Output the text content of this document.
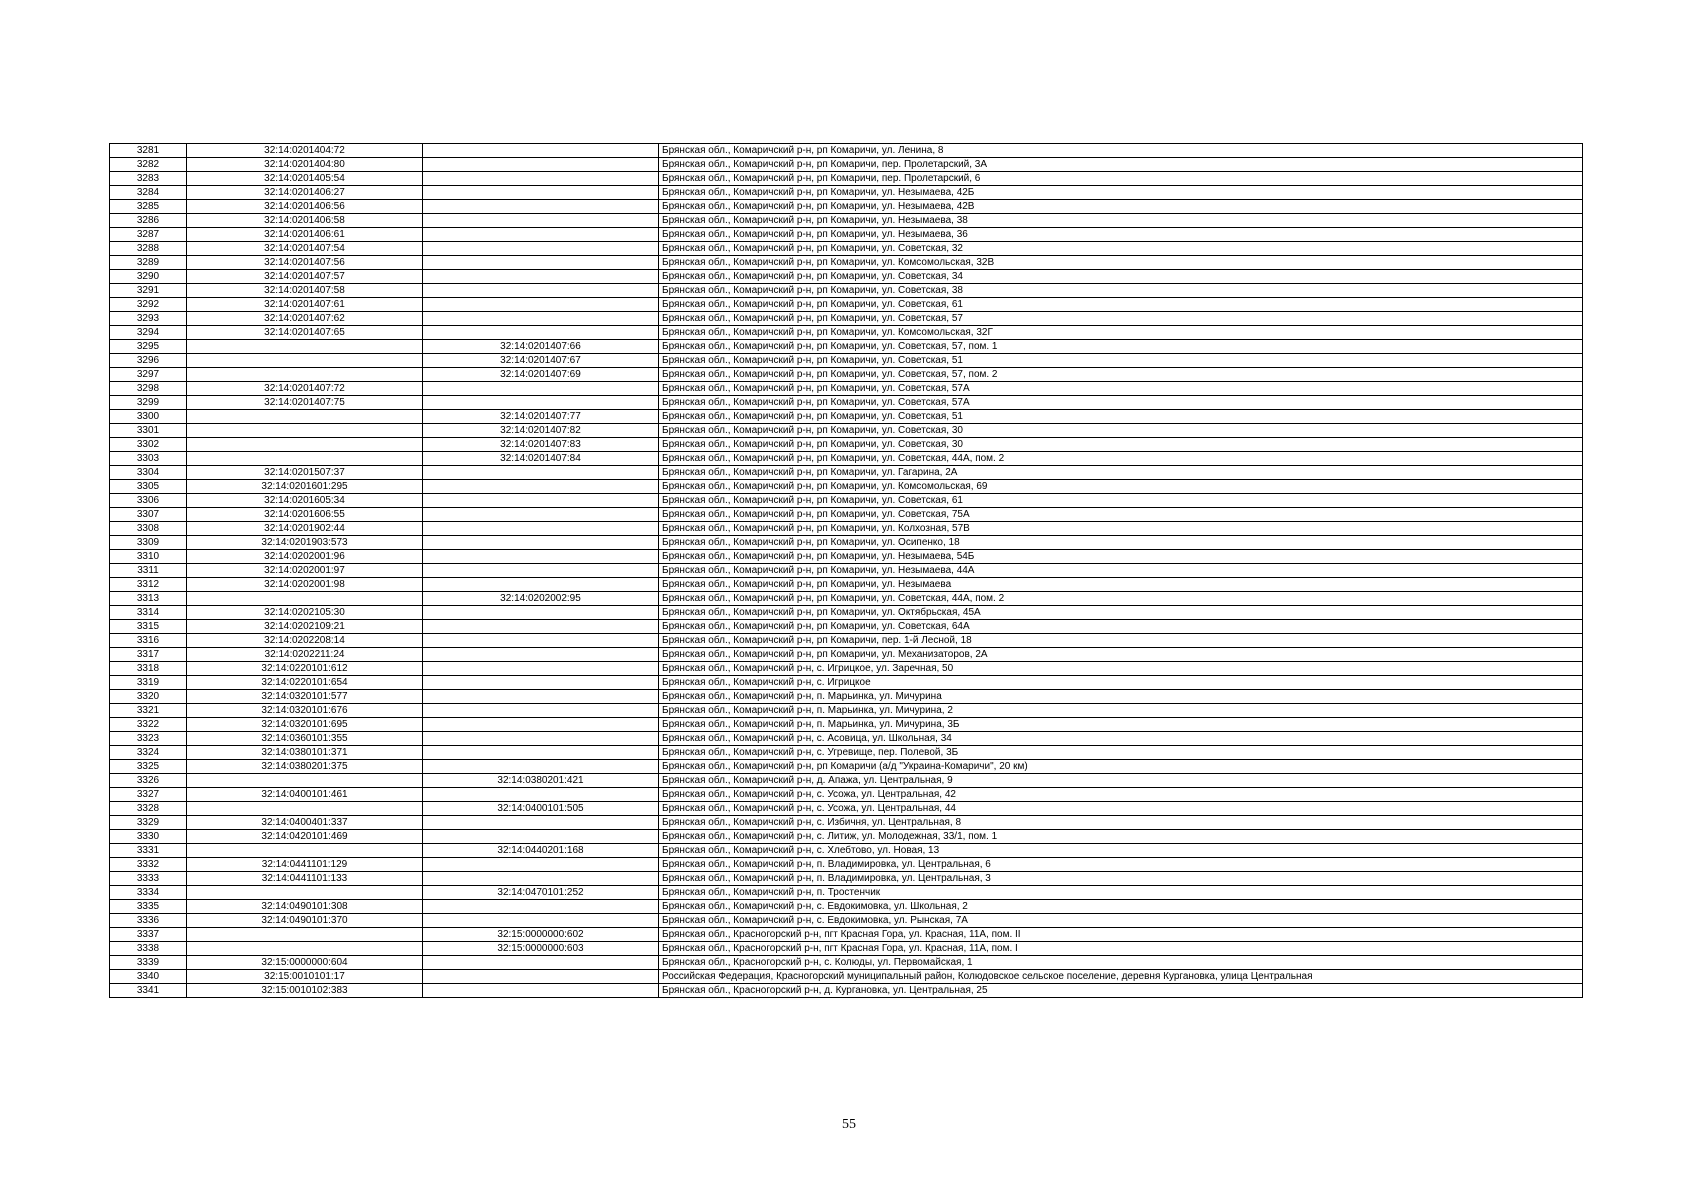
3281	32:14:0201404:72		Брянская обл., Комаричский р-н, рп Комаричи, ул. Ленина, 8
3282	32:14:0201404:80		Брянская обл., Комаричский р-н, рп Комаричи, пер. Пролетарский, 3А
3283	32:14:0201405:54		Брянская обл., Комаричский р-н, рп Комаричи, пер. Пролетарский, 6
3284	32:14:0201406:27		Брянская обл., Комаричский р-н, рп Комаричи, ул. Незымаева, 42Б
3285	32:14:0201406:56		Брянская обл., Комаричский р-н, рп Комаричи, ул. Незымаева, 42В
3286	32:14:0201406:58		Брянская обл., Комаричский р-н, рп Комаричи, ул. Незымаева, 38
3287	32:14:0201406:61		Брянская обл., Комаричский р-н, рп Комаричи, ул. Незымаева, 36
3288	32:14:0201407:54		Брянская обл., Комаричский р-н, рп Комаричи, ул. Советская, 32
3289	32:14:0201407:56		Брянская обл., Комаричский р-н, рп Комаричи, ул. Комсомольская, 32В
3290	32:14:0201407:57		Брянская обл., Комаричский р-н, рп Комаричи, ул. Советская, 34
3291	32:14:0201407:58		Брянская обл., Комаричский р-н, рп Комаричи, ул. Советская, 38
3292	32:14:0201407:61		Брянская обл., Комаричский р-н, рп Комаричи, ул. Советская, 61
3293	32:14:0201407:62		Брянская обл., Комаричский р-н, рп Комаричи, ул. Советская, 57
3294	32:14:0201407:65		Брянская обл., Комаричский р-н, рп Комаричи, ул. Комсомольская, 32Г
3295		32:14:0201407:66	Брянская обл., Комаричский р-н, рп Комаричи, ул. Советская, 57, пом. 1
3296		32:14:0201407:67	Брянская обл., Комаричский р-н, рп Комаричи, ул. Советская, 51
3297		32:14:0201407:69	Брянская обл., Комаричский р-н, рп Комаричи, ул. Советская, 57, пом. 2
3298	32:14:0201407:72		Брянская обл., Комаричский р-н, рп Комаричи, ул. Советская, 57А
3299	32:14:0201407:75		Брянская обл., Комаричский р-н, рп Комаричи, ул. Советская, 57А
3300		32:14:0201407:77	Брянская обл., Комаричский р-н, рп Комаричи, ул. Советская, 51
3301		32:14:0201407:82	Брянская обл., Комаричский р-н, рп Комаричи, ул. Советская, 30
3302		32:14:0201407:83	Брянская обл., Комаричский р-н, рп Комаричи, ул. Советская, 30
3303		32:14:0201407:84	Брянская обл., Комаричский р-н, рп Комаричи, ул. Советская, 44А, пом. 2
3304	32:14:0201507:37		Брянская обл., Комаричский р-н, рп Комаричи, ул. Гагарина, 2А
3305	32:14:0201601:295		Брянская обл., Комаричский р-н, рп Комаричи, ул. Комсомольская, 69
3306	32:14:0201605:34		Брянская обл., Комаричский р-н, рп Комаричи, ул. Советская, 61
3307	32:14:0201606:55		Брянская обл., Комаричский р-н, рп Комаричи, ул. Советская, 75А
3308	32:14:0201902:44		Брянская обл., Комаричский р-н, рп Комаричи, ул. Колхозная, 57В
3309	32:14:0201903:573		Брянская обл., Комаричский р-н, рп Комаричи, ул. Осипенко, 18
3310	32:14:0202001:96		Брянская обл., Комаричский р-н, рп Комаричи, ул. Незымаева, 54Б
3311	32:14:0202001:97		Брянская обл., Комаричский р-н, рп Комаричи, ул. Незымаева, 44А
3312	32:14:0202001:98		Брянская обл., Комаричский р-н, рп Комаричи, ул. Незымаева
3313		32:14:0202002:95	Брянская обл., Комаричский р-н, рп Комаричи, ул. Советская, 44А, пом. 2
3314	32:14:0202105:30		Брянская обл., Комаричский р-н, рп Комаричи, ул. Октябрьская, 45А
3315	32:14:0202109:21		Брянская обл., Комаричский р-н, рп Комаричи, ул. Советская, 64А
3316	32:14:0202208:14		Брянская обл., Комаричский р-н, рп Комаричи, пер. 1-й Лесной, 18
3317	32:14:0202211:24		Брянская обл., Комаричский р-н, рп Комаричи, ул. Механизаторов, 2А
3318	32:14:0220101:612		Брянская обл., Комаричский р-н, с. Игрицкое, ул. Заречная, 50
3319	32:14:0220101:654		Брянская обл., Комаричский р-н, с. Игрицкое
3320	32:14:0320101:577		Брянская обл., Комаричский р-н, п. Марьинка, ул. Мичурина
3321	32:14:0320101:676		Брянская обл., Комаричский р-н, п. Марьинка, ул. Мичурина, 2
3322	32:14:0320101:695		Брянская обл., Комаричский р-н, п. Марьинка, ул. Мичурина, 3Б
3323	32:14:0360101:355		Брянская обл., Комаричский р-н, с. Асовица, ул. Школьная, 34
3324	32:14:0380101:371		Брянская обл., Комаричский р-н, с. Угревище, пер. Полевой, 3Б
3325	32:14:0380201:375		Брянская обл., Комаричский р-н, рп Комаричи (а/д "Украина-Комаричи", 20 км)
3326		32:14:0380201:421	Брянская обл., Комаричский р-н, д. Апажа, ул. Центральная, 9
3327	32:14:0400101:461		Брянская обл., Комаричский р-н, с. Усожа, ул. Центральная, 42
3328		32:14:0400101:505	Брянская обл., Комаричский р-н, с. Усожа, ул. Центральная, 44
3329	32:14:0400401:337		Брянская обл., Комаричский р-н, с. Избичня, ул. Центральная, 8
3330	32:14:0420101:469		Брянская обл., Комаричский р-н, с. Литиж, ул. Молодежная, 33/1, пом. 1
3331		32:14:0440201:168	Брянская обл., Комаричский р-н, с. Хлебтово, ул. Новая, 13
3332	32:14:0441101:129		Брянская обл., Комаричский р-н, п. Владимировка, ул. Центральная, 6
3333	32:14:0441101:133		Брянская обл., Комаричский р-н, п. Владимировка, ул. Центральная, 3
3334		32:14:0470101:252	Брянская обл., Комаричский р-н, п. Тростенчик
3335	32:14:0490101:308		Брянская обл., Комаричский р-н, с. Евдокимовка, ул. Школьная, 2
3336	32:14:0490101:370		Брянская обл., Комаричский р-н, с. Евдокимовка, ул. Рынская, 7А
3337		32:15:0000000:602	Брянская обл., Красногорский р-н, пгт Красная Гора, ул. Красная, 11А, пом. II
3338		32:15:0000000:603	Брянская обл., Красногорский р-н, пгт Красная Гора, ул. Красная, 11А, пом. I
3339	32:15:0000000:604		Брянская обл., Красногорский р-н, с. Колюды, ул. Первомайская, 1
3340	32:15:0010101:17		Российская Федерация, Красногорский муниципальный район, Колюдовское сельское поселение, деревня Кургановка, улица Центральная
3341	32:15:0010102:383		Брянская обл., Красногорский р-н, д. Кургановка, ул. Центральная, 25
55
